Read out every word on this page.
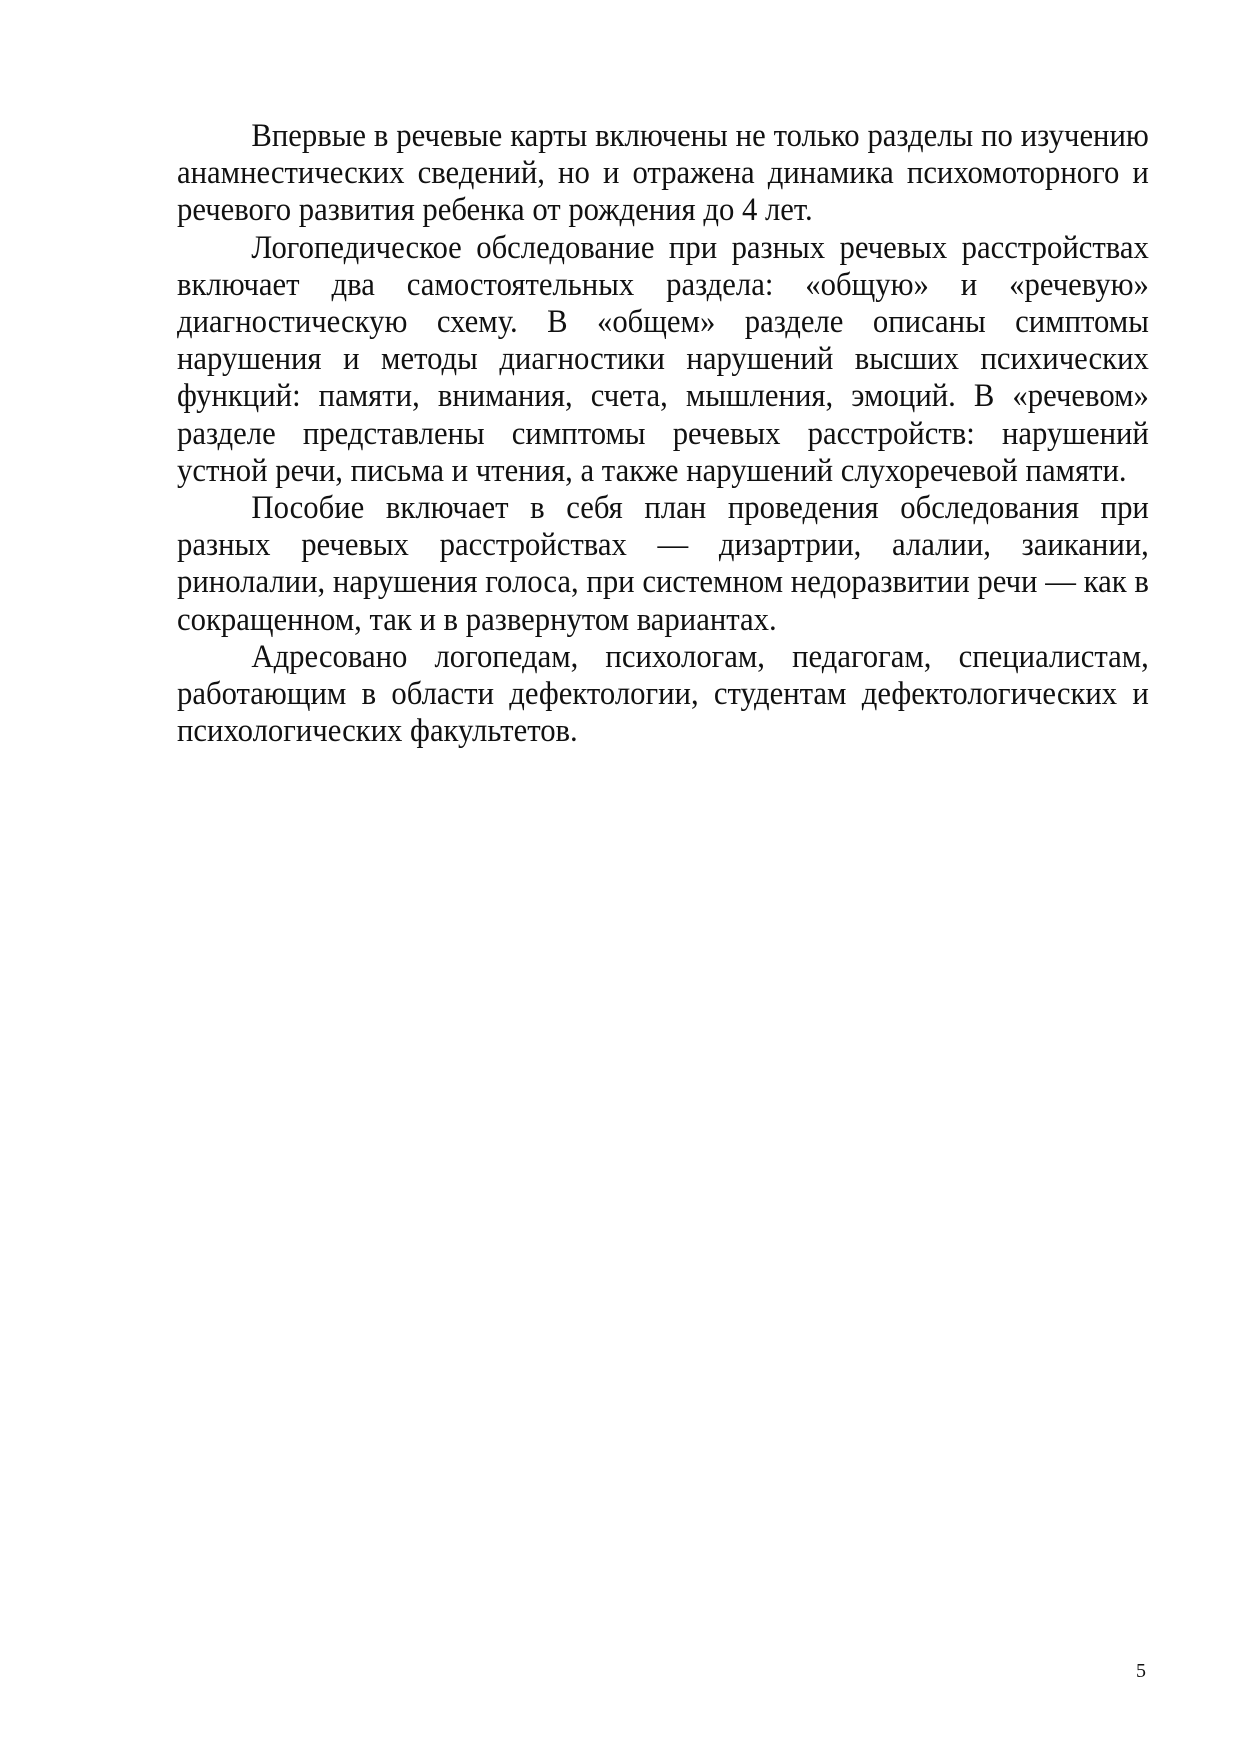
Впервые в речевые карты включены не только разделы по изучению анамнестических сведений, но и отражена динамика психомоторного и речевого развития ребенка от рождения до 4 лет.

Логопедическое обследование при разных речевых расстройствах включает два самостоятельных раздела: «общую» и «речевую» диагностическую схему. В «общем» разделе описаны симптомы нарушения и методы диагностики нарушений высших психических функций: памяти, внимания, счета, мышления, эмоций. В «речевом» разделе представлены симптомы речевых расстройств: нарушений устной речи, письма и чтения, а также нарушений слухоречевой памяти.

Пособие включает в себя план проведения обследования при разных речевых расстройствах — дизартрии, алалии, заикании, ринолалии, нарушения голоса, при системном недоразвитии речи — как в сокращенном, так и в развернутом вариантах.

Адресовано логопедам, психологам, педагогам, специалистам, работающим в области дефектологии, студентам дефектологических и психологических факультетов.

5
